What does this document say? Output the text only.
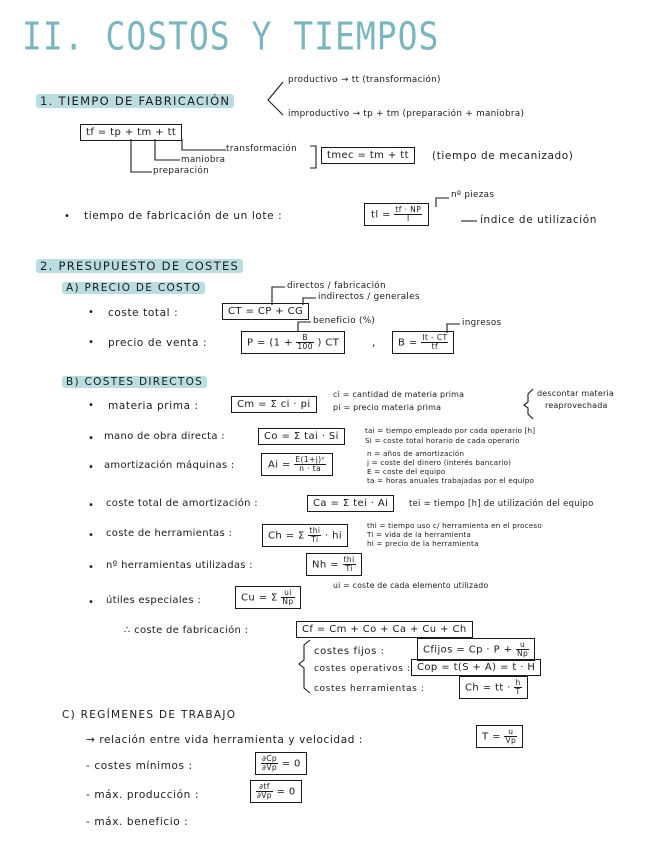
II. COSTOS Y TIEMPOS
1. TIEMPO DE FABRICACIÓN
productivo → tt (transformación)
improductivo → tp + tm (preparación + maniobra)
tf = tp + tm + tt
transformación
maniobra
preparación
tmec = tm + tt	(tiempo de mecanizado)
• tiempo de fabricación de un lote :
nº piezas
tl = $\frac{tf \cdot NP}{I}$	índice de utilización
2. PRESUPUESTO DE COSTES
A) PRECIO DE COSTO	directos / fabricación
indirectos / generales
• coste total :	CT = CP + CG
beneficio (%)	ingresos
• precio de venta :	$P = (1 + \frac{B}{100}$ ) CT	,	$B = \frac{It - CT}{tf}$
B) COSTES DIRECTOS
• materia prima :	Cm = Σ ci · pi
ci = cantidad de materia prima
pi = precio materia prima
descontar materia
reaprovechada
• mano de obra directa :	Co = Σ tai · Si
tai = tiempo empleado por cada operario [h]
Si = coste total horario de cada operario
• amortización máquinas :	$Ai = \frac{\text{E(1+j)ⁿ}}{n \cdot ta}$
n = años de amortización
j = coste del dinero (interés bancario)
E = coste del equipo
ta = horas anuales trabajadas por el equipo
• coste total de amortización :	Ca = Σ tei · Ai	tei = tiempo [h] de utilización del equipo
• coste de herramientas :	Ch = Σ $\frac{\text{thi}}{Ti}$ · hi
thi = tiempo uso c/ herramienta en el proceso
Ti = vida de la herramienta
hi = precio de la herramienta
• nº herramientas utilizadas :	$Nh = \frac{\text{thi}}{Ti}$
• útiles especiales :	Cu = Σ $\frac{ui}{Np}$
ui = coste de cada elemento utilizado
∴ coste de fabricación :	Cf = Cm + Co + Ca + Cu + Ch
costes fijos :	Cfijos = $Cp \cdot P + \frac{u}{Np}$
costes operativos : Cop = t(S + A) = t · H
costes herramientas :	Ch = tt · $\frac{h}{T}$
C) REGÍMENES DE TRABAJO
→ relación entre vida herramienta y velocidad :	$T = \frac{u}{Vp}$
- costes mínimos :	$\frac{\partial Cp}{\partial Vp} = 0$
- máx. producción :	$\frac{\partial tf}{\partial Vp} = 0$
- máx. beneficio :
